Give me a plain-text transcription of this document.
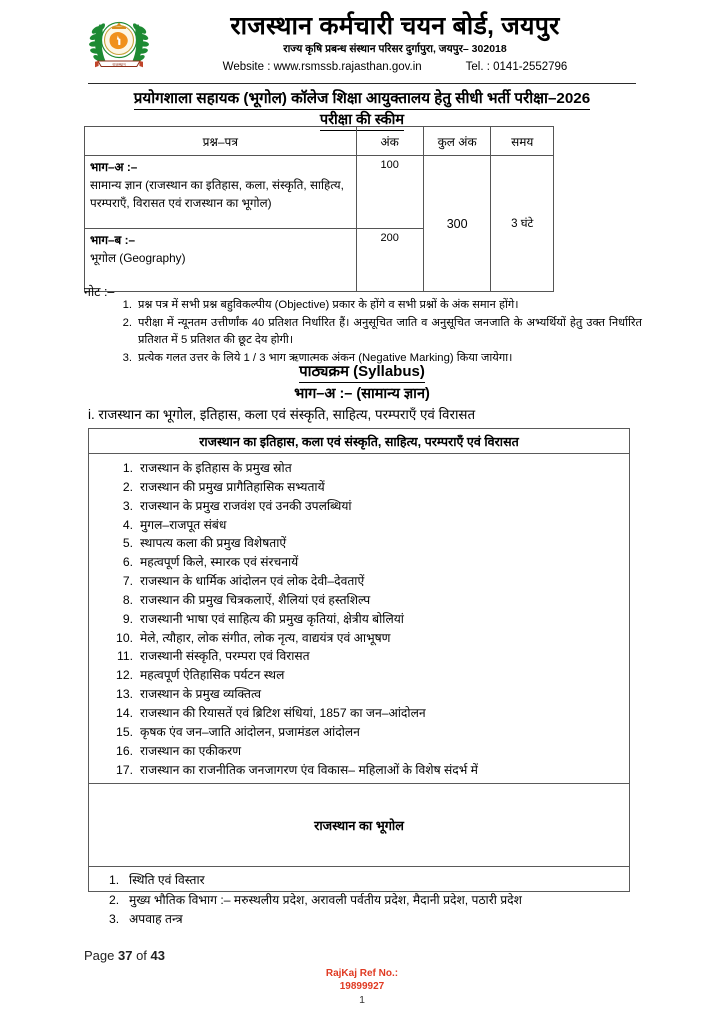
राजस्थान
राजस्थान कर्मचारी चयन बोर्ड, जयपुर
राज्य कृषि प्रबन्ध संस्थान परिसर दुर्गापुरा, जयपुर– 302018
Website : www.rsmssb.rajasthan.gov.in	Tel. : 0141-2552796
प्रयोगशाला सहायक (भूगोल) कॉलेज शिक्षा आयुक्तालय हेतु सीधी भर्ती परीक्षा–2026
परीक्षा की स्कीम
प्रश्न–पत्र	अंक	कुल अंक	समय

भाग–अ :–
सामान्य ज्ञान (राजस्थान का इतिहास, कला, संस्कृति, साहित्य, परम्पराएँ, विरासत एवं राजस्थान का भूगोल)	100	300	3 घंटे

भाग–ब :–
भूगोल (Geography)	200		
नोट :–
1. प्रश्न पत्र में सभी प्रश्न बहुविकल्पीय (Objective) प्रकार के होंगे व सभी प्रश्नों के अंक समान होंगे।
2. परीक्षा में न्यूनतम उत्तीर्णांक 40 प्रतिशत निर्धारित हैं। अनुसूचित जाति व अनुसूचित जनजाति के अभ्यर्थियों हेतु उक्त निर्धारित प्रतिशत में 5 प्रतिशत की छूट देय होगी।
3. प्रत्येक गलत उत्तर के लिये 1 / 3 भाग ऋणात्मक अंकन (Negative Marking) किया जायेगा।
पाठ्यक्रम (Syllabus)
भाग–अ :– (सामान्य ज्ञान)
i. राजस्थान का भूगोल, इतिहास, कला एवं संस्कृति, साहित्य, परम्पराएँ एवं विरासत
राजस्थान का इतिहास, कला एवं संस्कृति, साहित्य, परम्पराएँ एवं विरासत
1. राजस्थान के इतिहास के प्रमुख स्रोत
2. राजस्थान की प्रमुख प्रागैतिहासिक सभ्यतायें
3. राजस्थान के प्रमुख राजवंश एवं उनकी उपलब्धियां
4. मुगल–राजपूत संबंध
5. स्थापत्य कला की प्रमुख विशेषताऐं
6. महत्वपूर्ण किले, स्मारक एवं संरचनायें
7. राजस्थान के धार्मिक आंदोलन एवं लोक देवी–देवताऐं
8. राजस्थान की प्रमुख चित्रकलाऐं, शैलियां एवं हस्तशिल्प
9. राजस्थानी भाषा एवं साहित्य की प्रमुख कृतियां, क्षेत्रीय बोलियां
10. मेले, त्यौहार, लोक संगीत, लोक नृत्य, वाद्ययंत्र एवं आभूषण
11. राजस्थानी संस्कृति, परम्परा एवं विरासत
12. महत्वपूर्ण ऐतिहासिक पर्यटन स्थल
13. राजस्थान के प्रमुख व्यक्तित्व
14. राजस्थान की रियासतें एवं ब्रिटिश संधियां, 1857 का जन–आंदोलन
15. कृषक एंव जन–जाति आंदोलन, प्रजामंडल आंदोलन
16. राजस्थान का एकीकरण
17. राजस्थान का राजनीतिक जनजागरण एंव विकास– महिलाओं के विशेष संदर्भ में
राजस्थान का भूगोल
1. स्थिति एवं विस्तार
2. मुख्य भौतिक विभाग :– मरुस्थलीय प्रदेश, अरावली पर्वतीय प्रदेश, मैदानी प्रदेश, पठारी प्रदेश
3. अपवाह तन्त्र
Page 37 of 43
RajKaj Ref No.:
19899927
1
